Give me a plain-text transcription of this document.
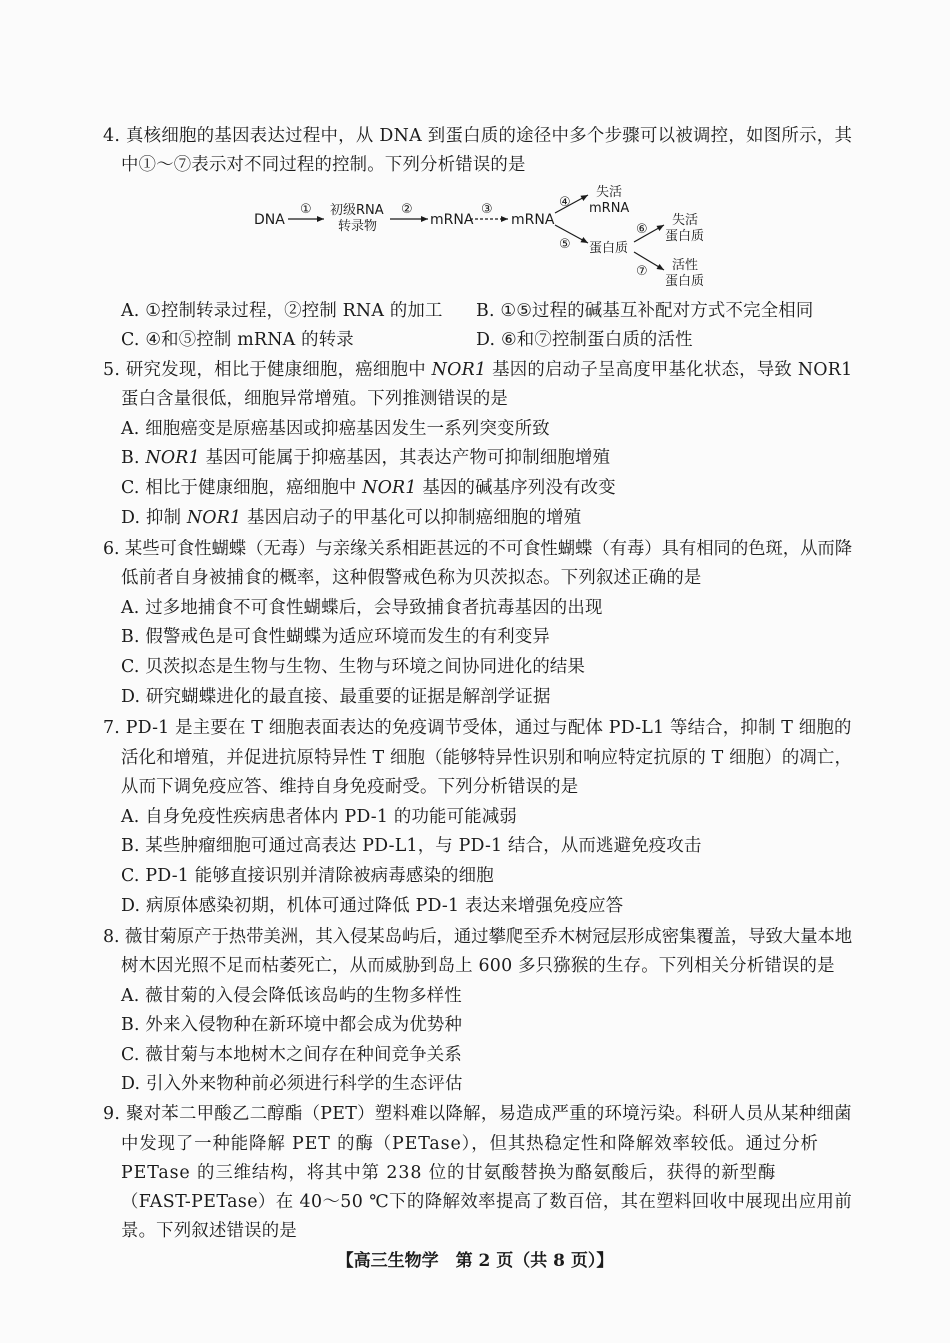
4. 真核细胞的基因表达过程中，从 DNA 到蛋白质的途径中多个步骤可以被调控，如图所示，其
中①～⑦表示对不同过程的控制。下列分析错误的是
DNA
① 初级RNA
转录物
②
mRNA
③
mRNA
④
失活
mRNA
⑤ 蛋白质
⑥
失活
蛋白质
⑦ 活性
蛋白质
A. ①控制转录过程，②控制 RNA 的加工 B. ①⑤过程的碱基互补配对方式不完全相同
C. ④和⑤控制 mRNA 的转录	D. ⑥和⑦控制蛋白质的活性
5. 研究发现，相比于健康细胞，癌细胞中 NOR1 基因的启动子呈高度甲基化状态，导致 NOR1
蛋白含量很低，细胞异常增殖。下列推测错误的是
A. 细胞癌变是原癌基因或抑癌基因发生一系列突变所致
B. NOR1 基因可能属于抑癌基因，其表达产物可抑制细胞增殖
C. 相比于健康细胞，癌细胞中 NOR1 基因的碱基序列没有改变
D. 抑制 NOR1 基因启动子的甲基化可以抑制癌细胞的增殖
6. 某些可食性蝴蝶（无毒）与亲缘关系相距甚远的不可食性蝴蝶（有毒）具有相同的色斑，从而降
低前者自身被捕食的概率，这种假警戒色称为贝茨拟态。下列叙述正确的是
A. 过多地捕食不可食性蝴蝶后，会导致捕食者抗毒基因的出现
B. 假警戒色是可食性蝴蝶为适应环境而发生的有利变异
C. 贝茨拟态是生物与生物、生物与环境之间协同进化的结果
D. 研究蝴蝶进化的最直接、最重要的证据是解剖学证据
7. PD-1 是主要在 T 细胞表面表达的免疫调节受体，通过与配体 PD-L1 等结合，抑制 T 细胞的
活化和增殖，并促进抗原特异性 T 细胞（能够特异性识别和响应特定抗原的 T 细胞）的凋亡，
从而下调免疫应答、维持自身免疫耐受。下列分析错误的是
A. 自身免疫性疾病患者体内 PD-1 的功能可能减弱
B. 某些肿瘤细胞可通过高表达 PD-L1，与 PD-1 结合，从而逃避免疫攻击
C. PD-1 能够直接识别并清除被病毒感染的细胞
D. 病原体感染初期，机体可通过降低 PD-1 表达来增强免疫应答
8. 薇甘菊原产于热带美洲，其入侵某岛屿后，通过攀爬至乔木树冠层形成密集覆盖，导致大量本地
树木因光照不足而枯萎死亡，从而威胁到岛上 600 多只猕猴的生存。下列相关分析错误的是
A. 薇甘菊的入侵会降低该岛屿的生物多样性
B. 外来入侵物种在新环境中都会成为优势种
C. 薇甘菊与本地树木之间存在种间竞争关系
D. 引入外来物种前必须进行科学的生态评估
9. 聚对苯二甲酸乙二醇酯（PET）塑料难以降解，易造成严重的环境污染。科研人员从某种细菌
中发现了一种能降解 PET 的酶（PETase），但其热稳定性和降解效率较低。通过分析
PETase 的三维结构，将其中第 238 位的甘氨酸替换为酪氨酸后，获得的新型酶
（FAST-PETase）在 40～50 ℃下的降解效率提高了数百倍，其在塑料回收中展现出应用前
景。下列叙述错误的是
【高三生物学　第 2 页（共 8 页）】
